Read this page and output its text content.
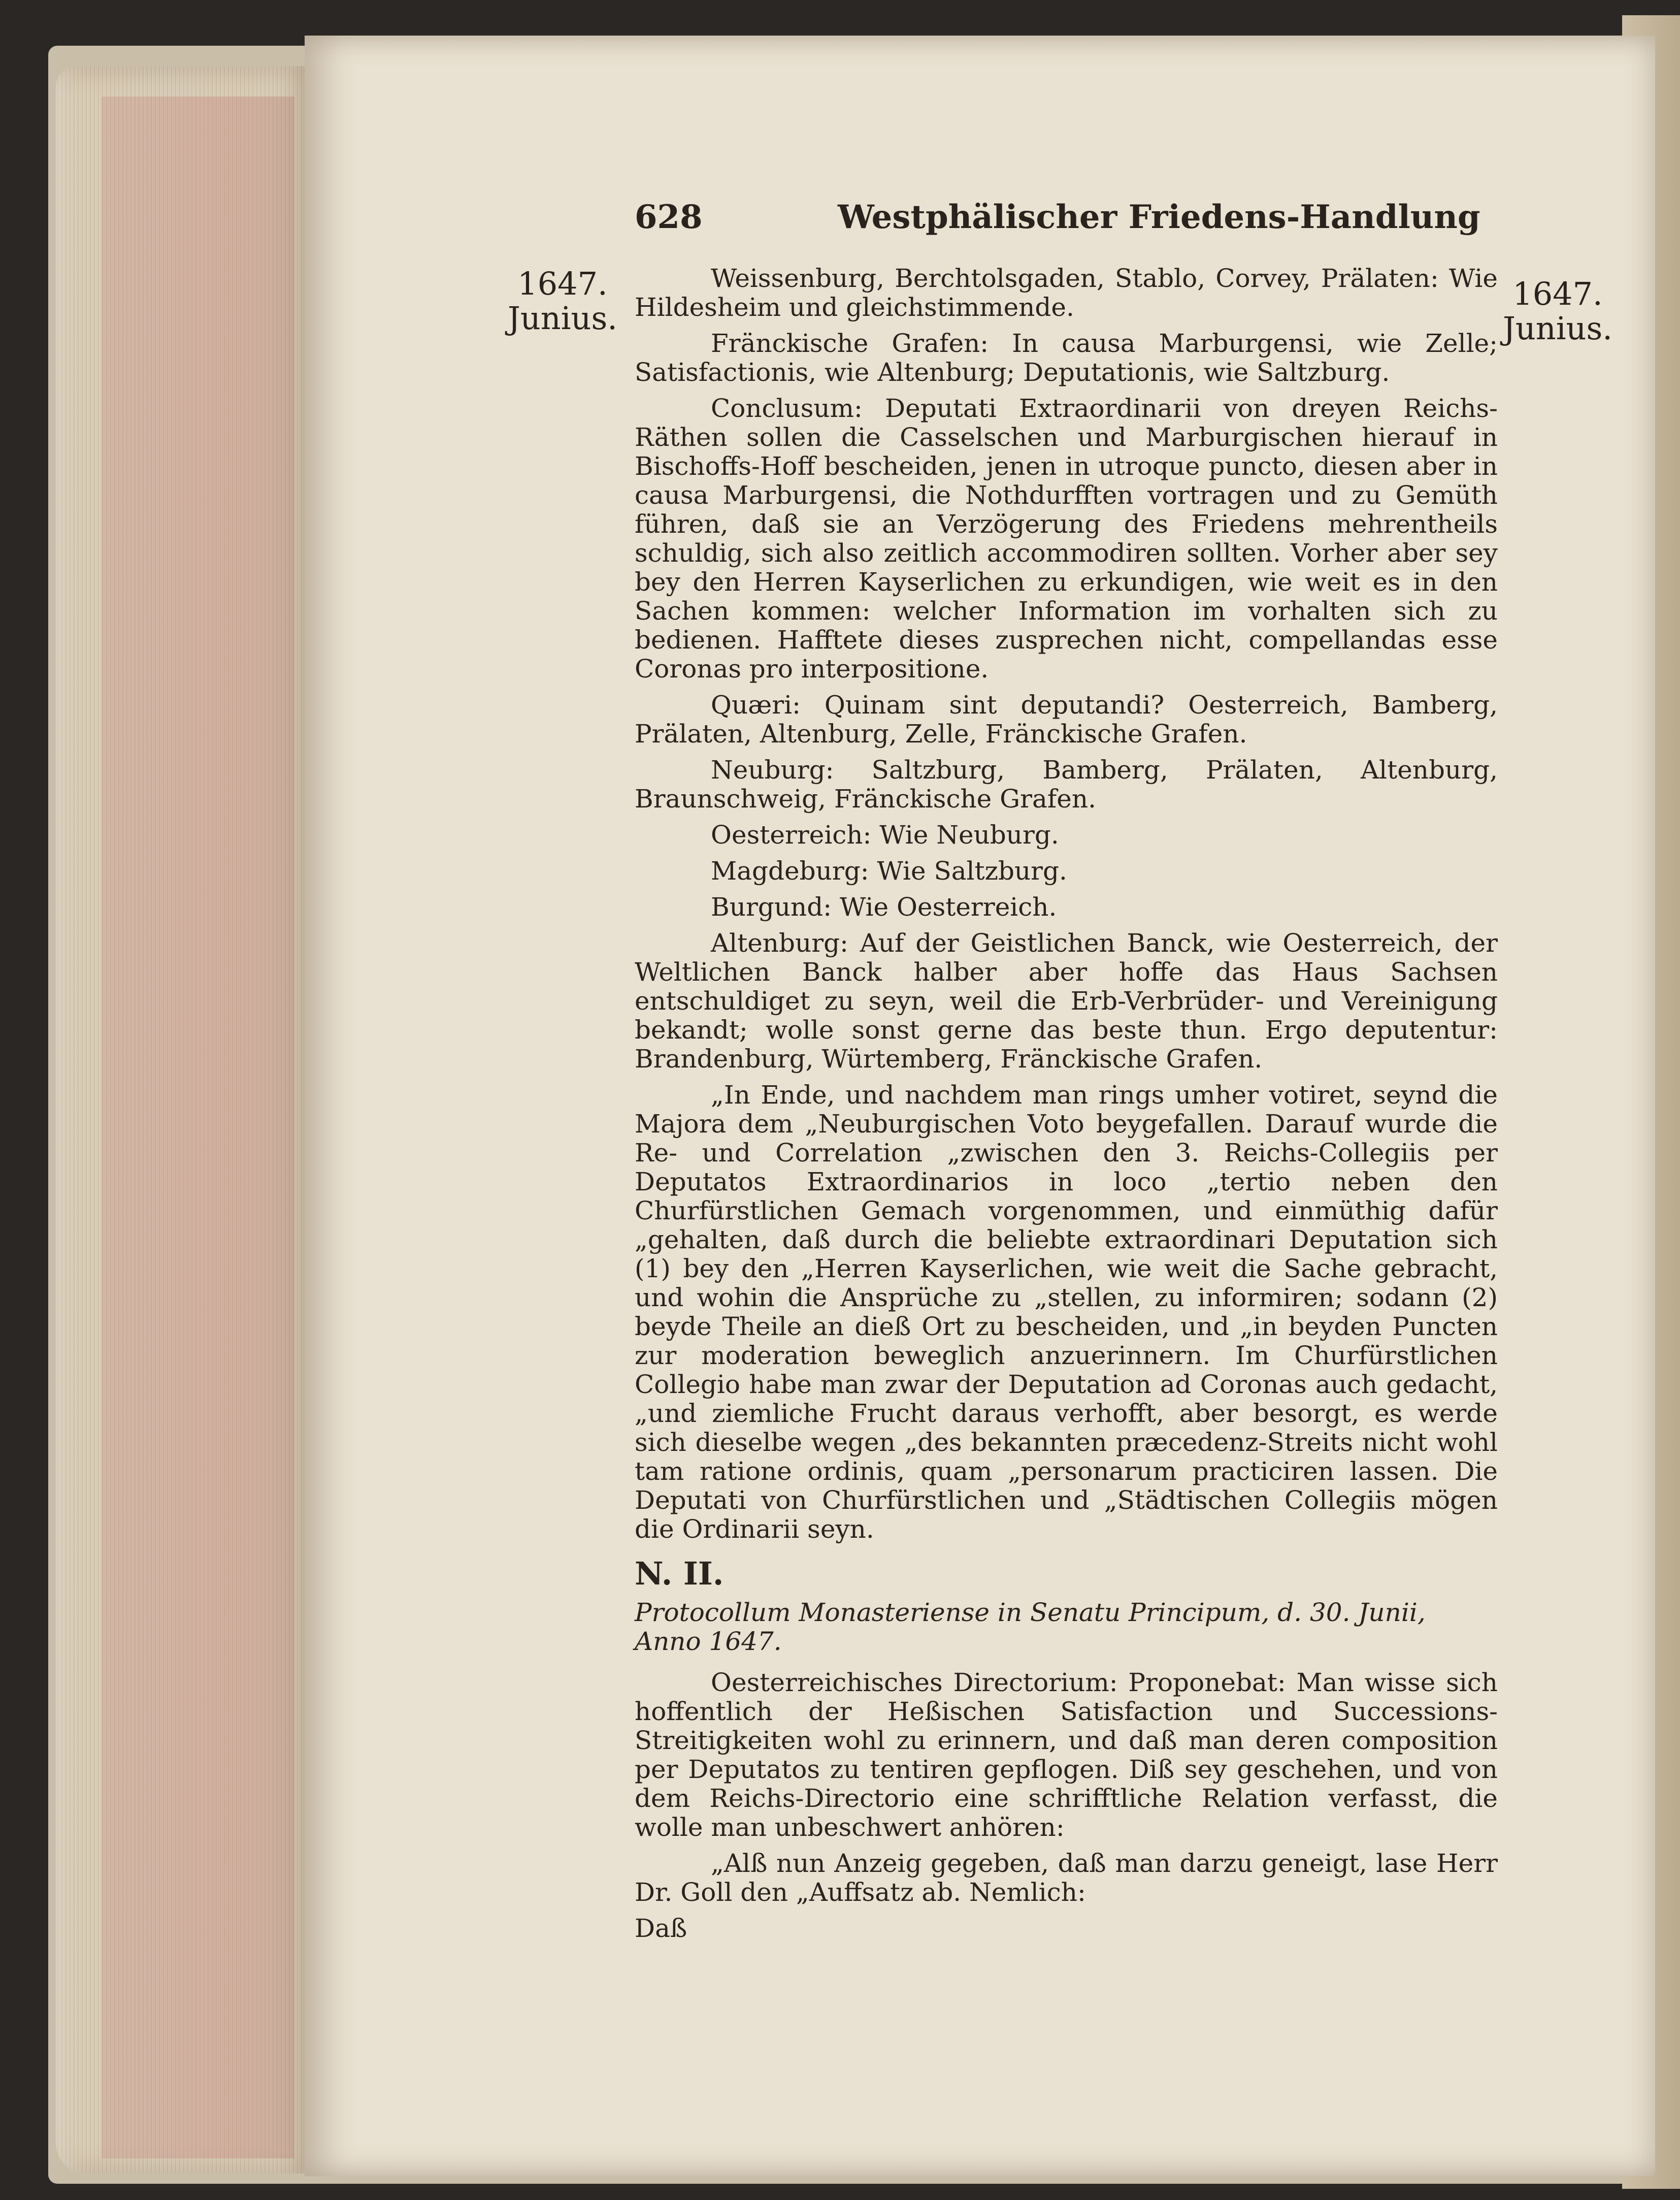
628	Westphälischer Friedens-Handlung
1647.
Junius.
1647.
Junius.

Weissenburg, Berchtolsgaden, Stablo, Corvey, Prälaten: Wie Hildesheim und gleichstimmende.

Fränckische Grafen: In causa Marburgensi, wie Zelle; Satisfactionis, wie Altenburg; Deputationis, wie Saltzburg.

Conclusum: Deputati Extraordinarii von dreyen Reichs-Räthen sollen die Casselschen und Marburgischen hierauf in Bischoffs-Hoff bescheiden, jenen in utroque puncto, diesen aber in causa Marburgensi, die Nothdurfften vortragen und zu Gemüth führen, daß sie an Verzögerung des Friedens mehrentheils schuldig, sich also zeitlich accommodiren sollten. Vorher aber sey bey den Herren Kayserlichen zu erkundigen, wie weit es in den Sachen kommen: welcher Information im vorhalten sich zu bedienen. Hafftete dieses zusprechen nicht, compellandas esse Coronas pro interpositione.

Quæri: Quinam sint deputandi? Oesterreich, Bamberg, Prälaten, Altenburg, Zelle, Fränckische Grafen.

Neuburg: Saltzburg, Bamberg, Prälaten, Altenburg, Braunschweig, Fränckische Grafen.

Oesterreich: Wie Neuburg.

Magdeburg: Wie Saltzburg.

Burgund: Wie Oesterreich.

Altenburg: Auf der Geistlichen Banck, wie Oesterreich, der Weltlichen Banck halber aber hoffe das Haus Sachsen entschuldiget zu seyn, weil die Erb-Verbrüder- und Vereinigung bekandt; wolle sonst gerne das beste thun. Ergo deputentur: Brandenburg, Würtemberg, Fränckische Grafen.

„In Ende, und nachdem man rings umher votiret, seynd die Majora dem „Neuburgischen Voto beygefallen. Darauf wurde die Re- und Correlation „zwischen den 3. Reichs-Collegiis per Deputatos Extraordinarios in loco „tertio neben den Churfürstlichen Gemach vorgenommen, und einmüthig dafür „gehalten, daß durch die beliebte extraordinari Deputation sich (1) bey den „Herren Kayserlichen, wie weit die Sache gebracht, und wohin die Ansprüche zu „stellen, zu informiren; sodann (2) beyde Theile an dieß Ort zu bescheiden, und „in beyden Puncten zur moderation beweglich anzuerinnern. Im Churfürstlichen Collegio habe man zwar der Deputation ad Coronas auch gedacht, „und ziemliche Frucht daraus verhofft, aber besorgt, es werde sich dieselbe wegen „des bekannten præcedenz-Streits nicht wohl tam ratione ordinis, quam „personarum practiciren lassen. Die Deputati von Churfürstlichen und „Städtischen Collegiis mögen die Ordinarii seyn.

N. II.

Protocollum Monasteriense in Senatu Principum, d. 30. Junii,
Anno 1647.

Oesterreichisches Directorium: Proponebat: Man wisse sich hoffentlich der Heßischen Satisfaction und Successions-Streitigkeiten wohl zu erinnern, und daß man deren composition per Deputatos zu tentiren gepflogen. Diß sey geschehen, und von dem Reichs-Directorio eine schrifftliche Relation verfasst, die wolle man unbeschwert anhören:

„Alß nun Anzeig gegeben, daß man darzu geneigt, lase Herr Dr. Goll den „Auffsatz ab. Nemlich:

Daß
